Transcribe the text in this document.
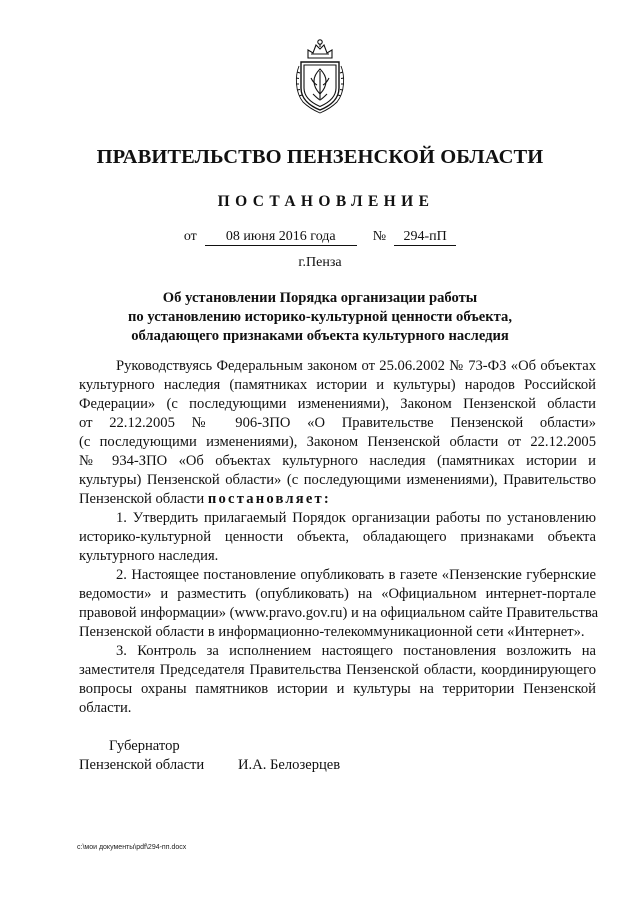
ПРАВИТЕЛЬСТВО ПЕНЗЕНСКОЙ ОБЛАСТИ
ПОСТАНОВЛЕНИЕ
от 08 июня 2016 года	№ 294-пП
г.Пенза
Об установлении Порядка организации работы
по установлению историко-культурной ценности объекта,
обладающего признаками объекта культурного наследия
Руководствуясь Федеральным законом от 25.06.2002 № 73-ФЗ «Об объектах
культурного наследия (памятниках истории и культуры) народов Российской
Федерации» (с последующими изменениями), Законом Пензенской области
от 22.12.2005 № 906-ЗПО «О Правительстве Пензенской области»
(с последующими изменениями), Законом Пензенской области от 22.12.2005
№ 934-ЗПО «Об объектах культурного наследия (памятниках истории и
культуры) Пензенской области» (с последующими изменениями), Правительство
Пензенской области постановляет:
1. Утвердить прилагаемый Порядок организации работы по установлению
историко-культурной ценности объекта, обладающего признаками объекта
культурного наследия.
2. Настоящее постановление опубликовать в газете «Пензенские губернские
ведомости» и разместить (опубликовать) на «Официальном интернет-портале
правовой информации» (www.pravo.gov.ru) и на официальном сайте Правительства
Пензенской области в информационно-телекоммуникационной сети «Интернет».
3. Контроль за исполнением настоящего постановления возложить на
заместителя Председателя Правительства Пензенской области, координирующего
вопросы охраны памятников истории и культуры на территории Пензенской
области.
Губернатор
Пензенской области И.А. Белозерцев
c:\мои документы\pdf\294-пп.docx
